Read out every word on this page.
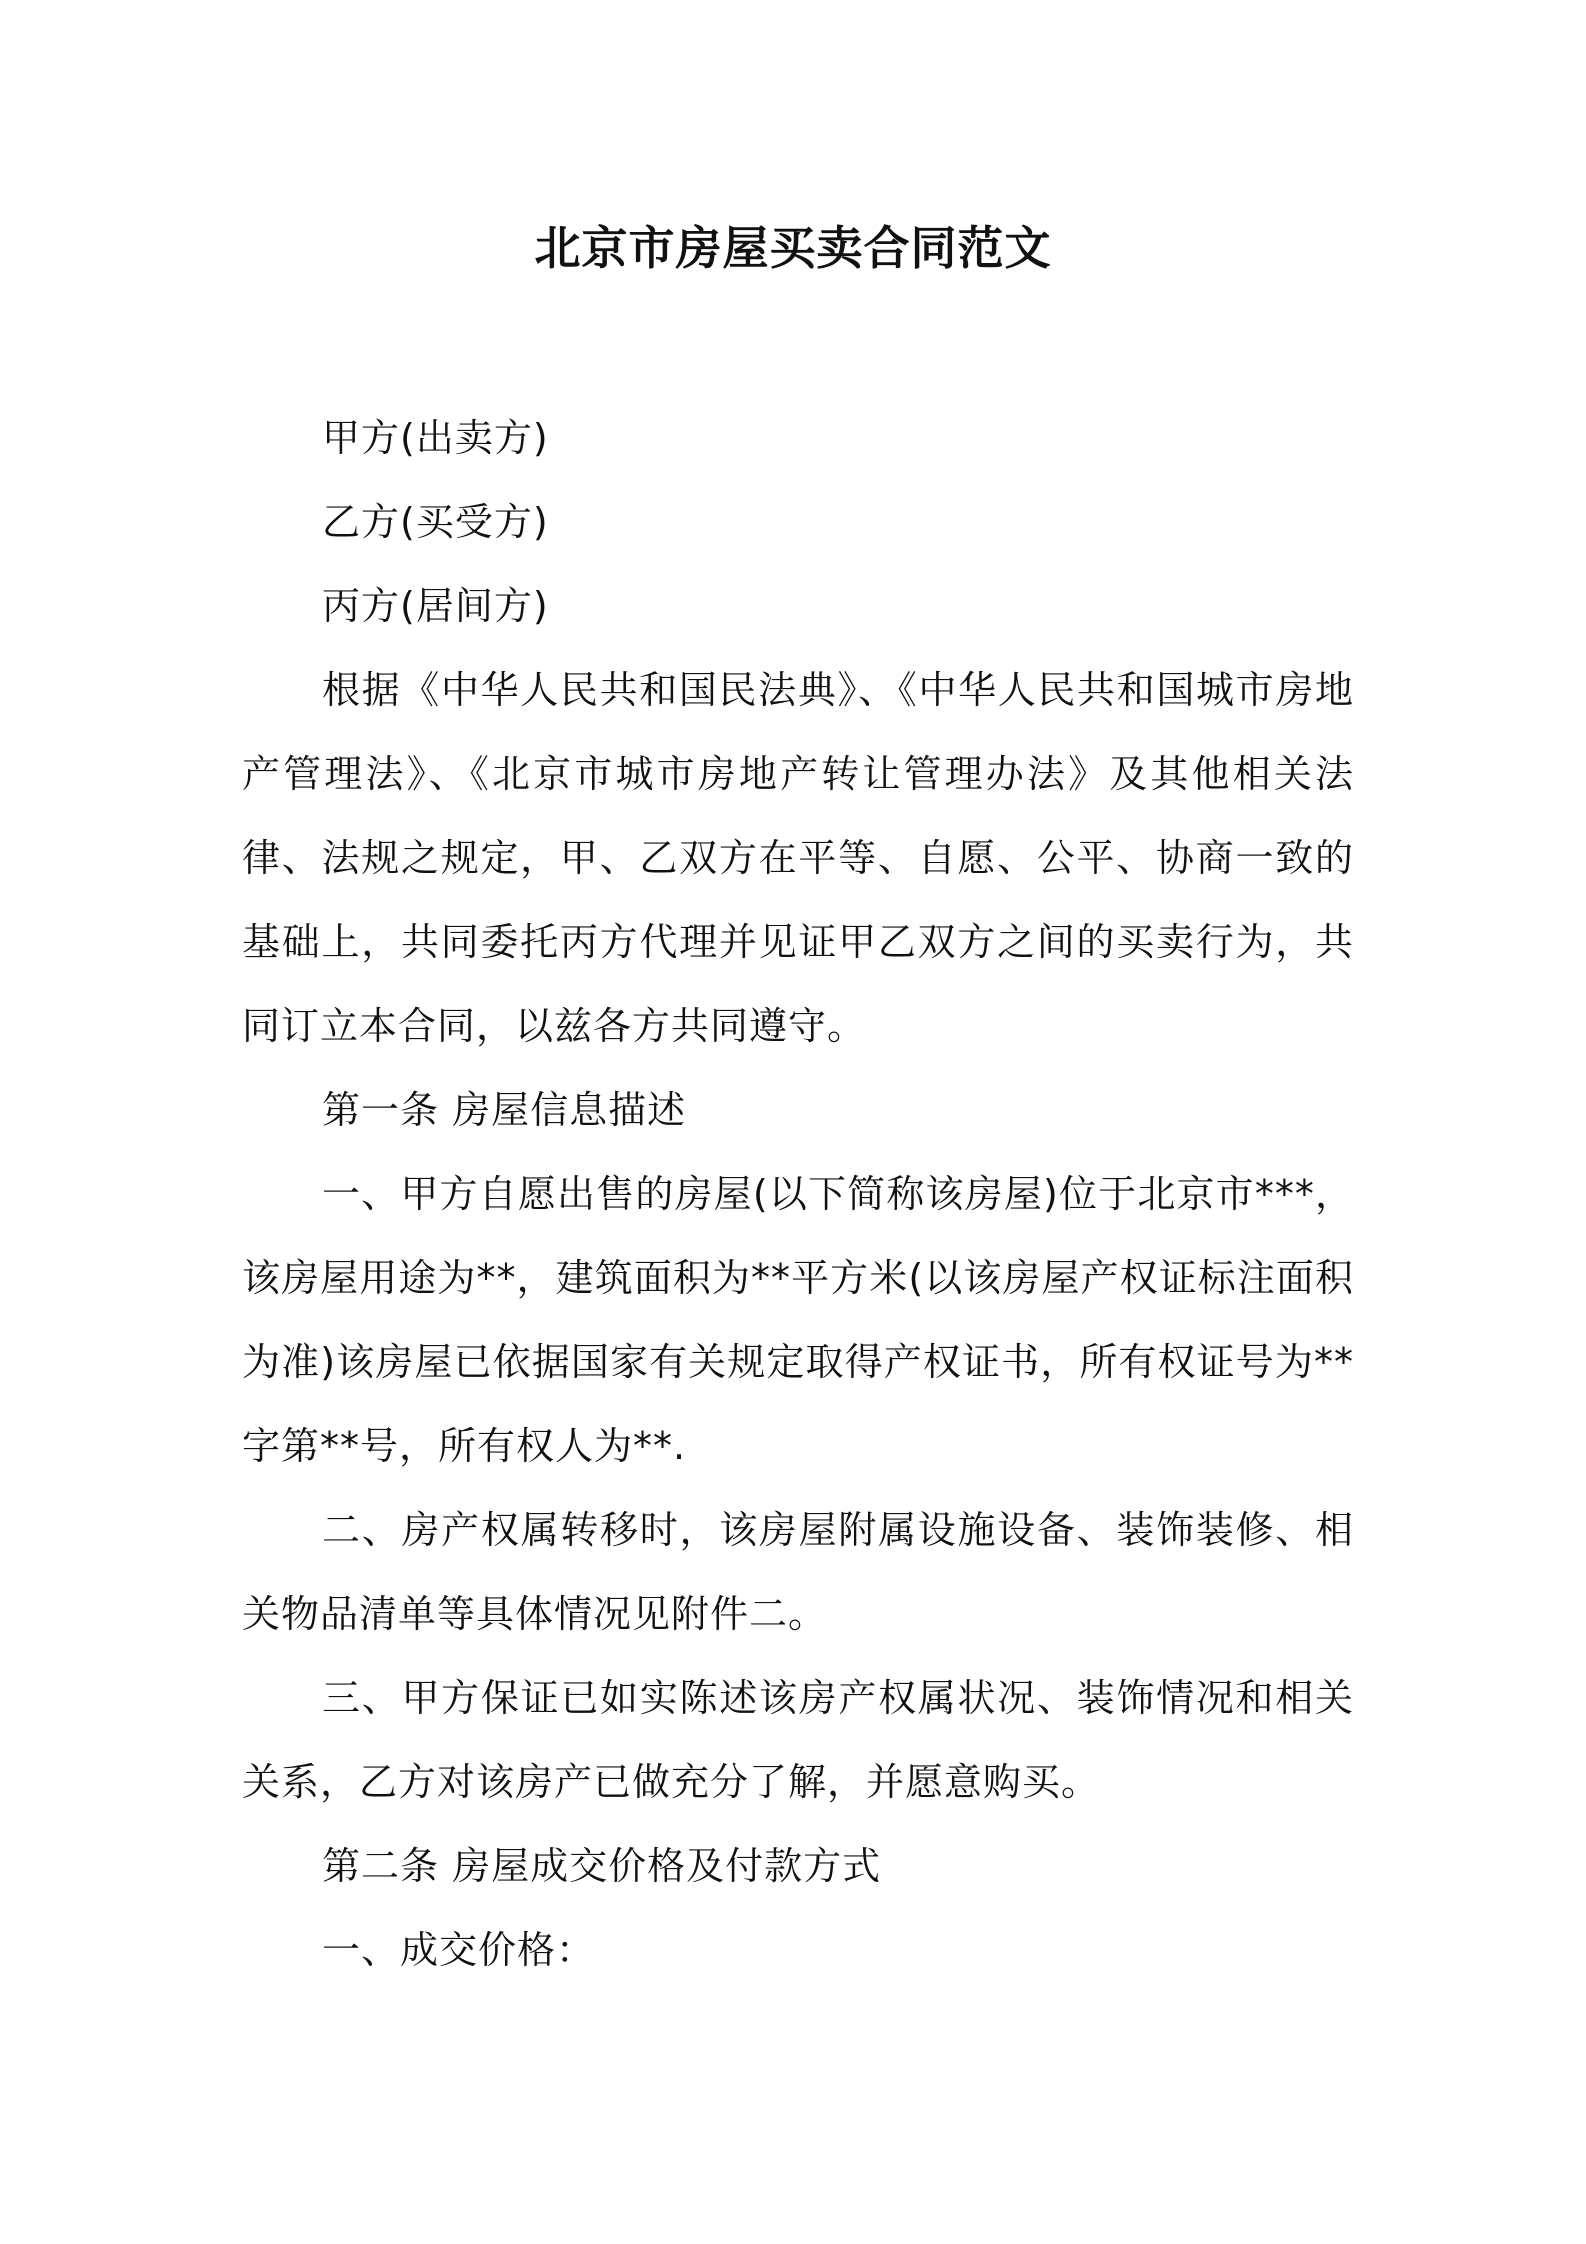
北京市房屋买卖合同范文

甲方(出卖方)

乙方(买受方)

丙方(居间方)

根据《中华人民共和国民法典》、《中华人民共和国城市房地产管理法》、《北京市城市房地产转让管理办法》及其他相关法律、法规之规定，甲、乙双方在平等、自愿、公平、协商一致的基础上，共同委托丙方代理并见证甲乙双方之间的买卖行为，共同订立本合同，以兹各方共同遵守。

第一条 房屋信息描述

一、甲方自愿出售的房屋(以下简称该房屋)位于北京市***，该房屋用途为**，建筑面积为**平方米(以该房屋产权证标注面积为准)该房屋已依据国家有关规定取得产权证书，所有权证号为**字第**号，所有权人为**.

二、房产权属转移时，该房屋附属设施设备、装饰装修、相关物品清单等具体情况见附件二。

三、甲方保证已如实陈述该房产权属状况、装饰情况和相关关系，乙方对该房产已做充分了解，并愿意购买。

第二条 房屋成交价格及付款方式

一、成交价格：
